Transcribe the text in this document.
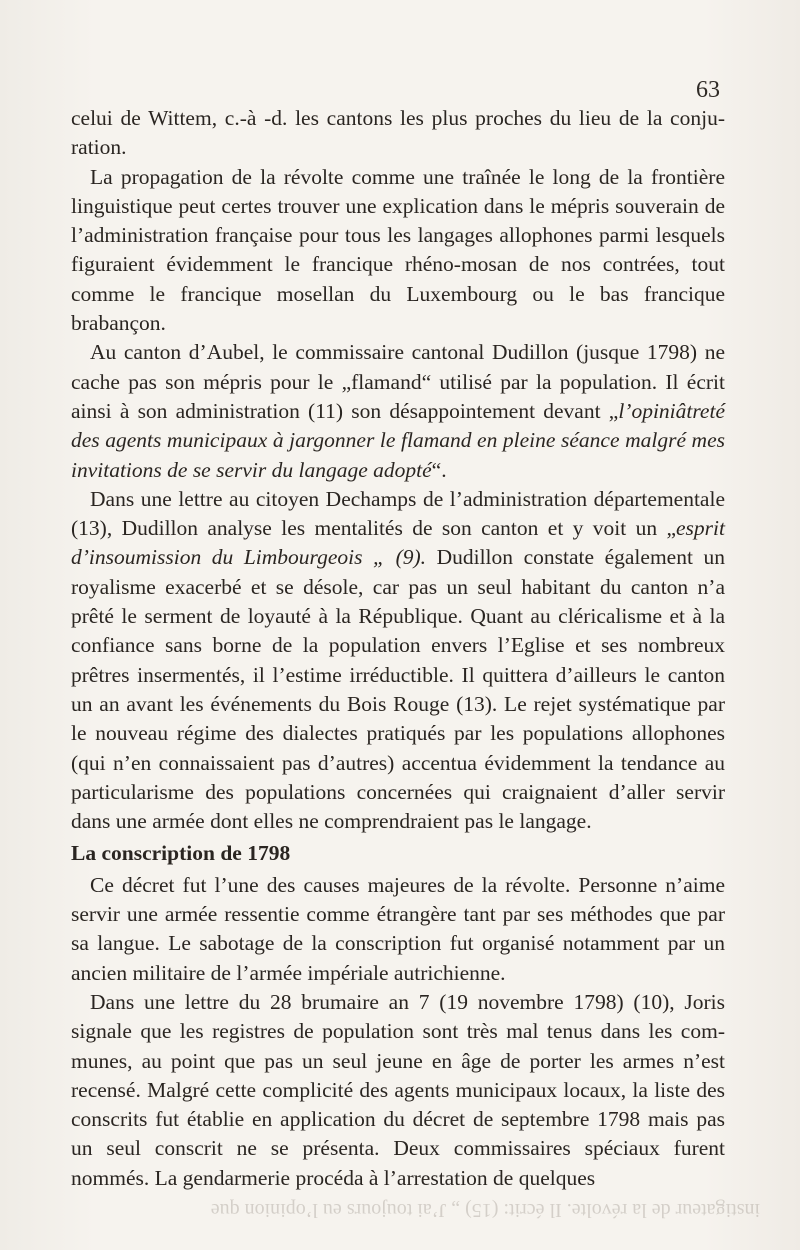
63

celui de Wittem, c.-à -d. les cantons les plus proches du lieu de la conjuration.

La propagation de la révolte comme une traînée le long de la frontière linguistique peut certes trouver une explication dans le mépris souverain de l’administration française pour tous les langages allophones parmi lesquels figuraient évidemment le francique rhéno-mosan de nos contrées, tout comme le francique mosellan du Luxembourg ou le bas francique brabançon.

Au canton d’Aubel, le commissaire cantonal Dudillon (jusque 1798) ne cache pas son mépris pour le „flamand“ utilisé par la population. Il écrit ainsi à son administration (11) son désappointement devant „l’opiniâtreté des agents municipaux à jargonner le flamand en pleine séance malgré mes invitations de se servir du langage adopté“.

Dans une lettre au citoyen Dechamps de l’administration départementale (13), Dudillon analyse les mentalités de son canton et y voit un „esprit d’insoumission du Limbourgeois „ (9). Dudillon constate également un royalisme exacerbé et se désole, car pas un seul habitant du canton n’a prêté le serment de loyauté à la République. Quant au cléricalisme et à la confiance sans borne de la population envers l’Eglise et ses nombreux prêtres insermentés, il l’estime irréductible. Il quittera d’ailleurs le canton un an avant les événements du Bois Rouge (13). Le rejet systématique par le nouveau régime des dialectes pratiqués par les populations allophones (qui n’en connaissaient pas d’autres) accentua évidemment la tendance au particularisme des populations concernées qui craignaient d’aller servir dans une armée dont elles ne comprendraient pas le langage.

La conscription de 1798

Ce décret fut l’une des causes majeures de la révolte. Personne n’aime servir une armée ressentie comme étrangère tant par ses méthodes que par sa langue. Le sabotage de la conscription fut organisé notamment par un ancien militaire de l’armée impériale autrichienne.

Dans une lettre du 28 brumaire an 7 (19 novembre 1798) (10), Joris signale que les registres de population sont très mal tenus dans les communes, au point que pas un seul jeune en âge de porter les armes n’est recensé. Malgré cette complicité des agents municipaux locaux, la liste des conscrits fut établie en application du décret de septembre 1798 mais pas un seul conscrit ne se présenta. Deux commissaires spéciaux furent nommés. La gendarmerie procéda à l’arrestation de quelques

instigateur de la révolte. Il écrit: (15) „ J’ai toujours eu l’opinion que
